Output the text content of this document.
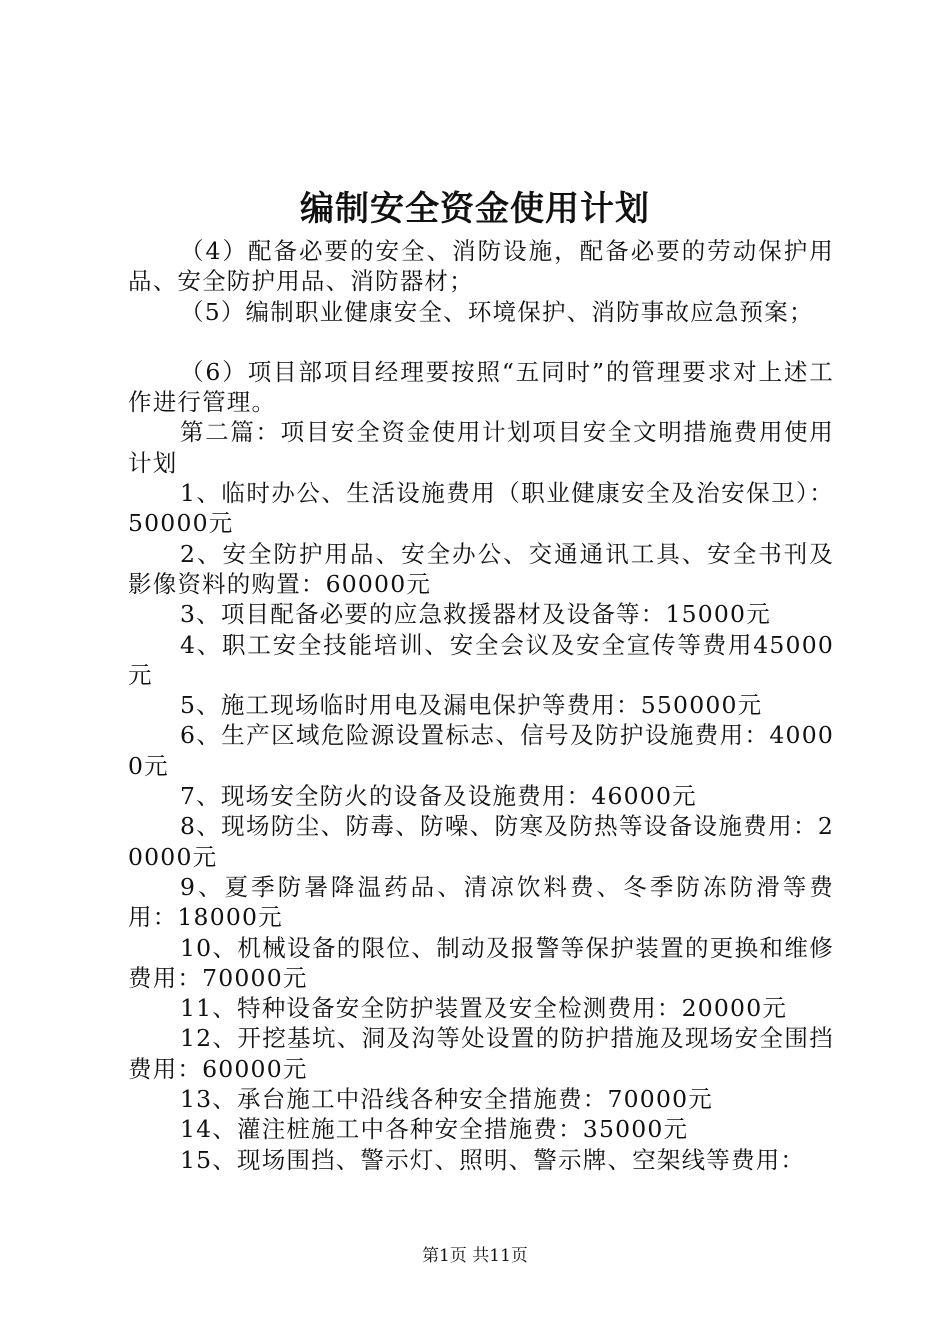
编制安全资金使用计划

（4）配备必要的安全、消防设施，配备必要的劳动保护用品、安全防护用品、消防器材；

（5）编制职业健康安全、环境保护、消防事故应急预案；

（6）项目部项目经理要按照“五同时”的管理要求对上述工作进行管理。

第二篇：项目安全资金使用计划项目安全文明措施费用使用计划

1、临时办公、生活设施费用（职业健康安全及治安保卫）：50000元

2、安全防护用品、安全办公、交通通讯工具、安全书刊及影像资料的购置：60000元

3、项目配备必要的应急救援器材及设备等：15000元

4、职工安全技能培训、安全会议及安全宣传等费用45000元

5、施工现场临时用电及漏电保护等费用：550000元

6、生产区域危险源设置标志、信号及防护设施费用：40000元

7、现场安全防火的设备及设施费用：46000元

8、现场防尘、防毒、防噪、防寒及防热等设备设施费用：20000元

9、夏季防暑降温药品、清凉饮料费、冬季防冻防滑等费用：18000元

10、机械设备的限位、制动及报警等保护装置的更换和维修费用：70000元

11、特种设备安全防护装置及安全检测费用：20000元

12、开挖基坑、洞及沟等处设置的防护措施及现场安全围挡费用：60000元

13、承台施工中沿线各种安全措施费：70000元

14、灌注桩施工中各种安全措施费：35000元

15、现场围挡、警示灯、照明、警示牌、空架线等费用：

第1页 共11页
